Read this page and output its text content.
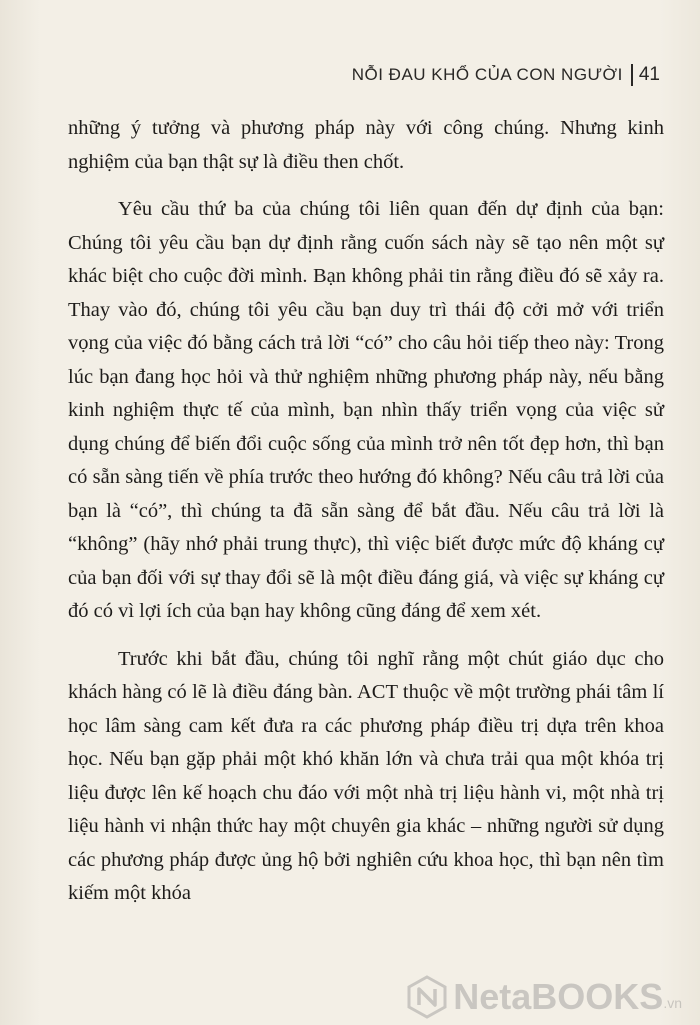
NỖI ĐAU KHỔ CỦA CON NGƯỜI 41

những ý tưởng và phương pháp này với công chúng. Nhưng kinh nghiệm của bạn thật sự là điều then chốt.

Yêu cầu thứ ba của chúng tôi liên quan đến dự định của bạn: Chúng tôi yêu cầu bạn dự định rằng cuốn sách này sẽ tạo nên một sự khác biệt cho cuộc đời mình. Bạn không phải tin rằng điều đó sẽ xảy ra. Thay vào đó, chúng tôi yêu cầu bạn duy trì thái độ cởi mở với triển vọng của việc đó bằng cách trả lời “có” cho câu hỏi tiếp theo này: Trong lúc bạn đang học hỏi và thử nghiệm những phương pháp này, nếu bằng kinh nghiệm thực tế của mình, bạn nhìn thấy triển vọng của việc sử dụng chúng để biến đổi cuộc sống của mình trở nên tốt đẹp hơn, thì bạn có sẵn sàng tiến về phía trước theo hướng đó không? Nếu câu trả lời của bạn là “có”, thì chúng ta đã sẵn sàng để bắt đầu. Nếu câu trả lời là “không” (hãy nhớ phải trung thực), thì việc biết được mức độ kháng cự của bạn đối với sự thay đổi sẽ là một điều đáng giá, và việc sự kháng cự đó có vì lợi ích của bạn hay không cũng đáng để xem xét.

Trước khi bắt đầu, chúng tôi nghĩ rằng một chút giáo dục cho khách hàng có lẽ là điều đáng bàn. ACT thuộc về một trường phái tâm lí học lâm sàng cam kết đưa ra các phương pháp điều trị dựa trên khoa học. Nếu bạn gặp phải một khó khăn lớn và chưa trải qua một khóa trị liệu được lên kế hoạch chu đáo với một nhà trị liệu hành vi, một nhà trị liệu hành vi nhận thức hay một chuyên gia khác – những người sử dụng các phương pháp được ủng hộ bởi nghiên cứu khoa học, thì bạn nên tìm kiếm một khóa

NetaBOOKS .vn
